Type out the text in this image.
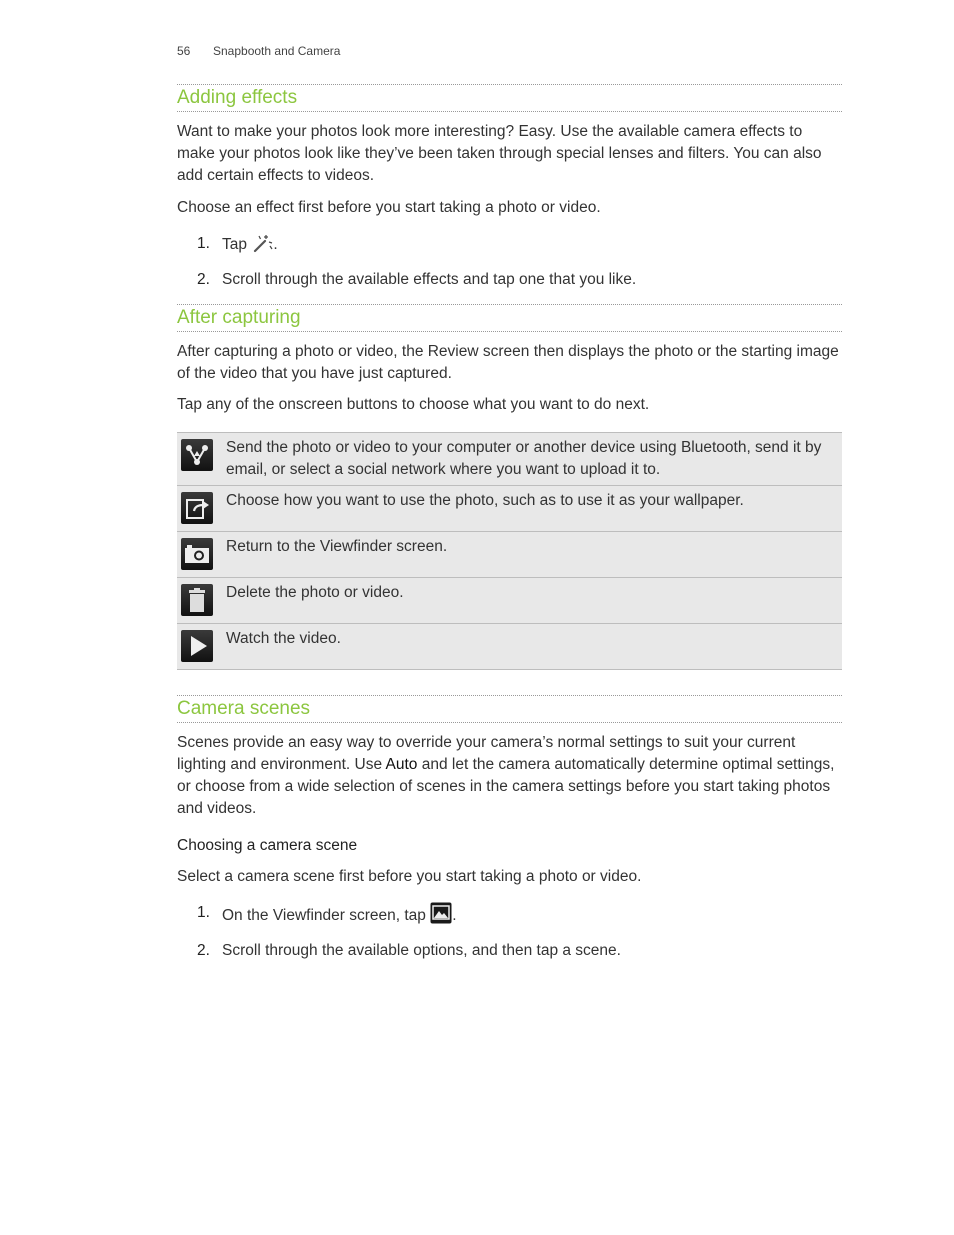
56 Snapbooth and Camera
Adding effects

Want to make your photos look more interesting? Easy. Use the available camera effects to make your photos look like they’ve been taken through special lenses and filters. You can also add certain effects to videos.

Choose an effect first before you start taking a photo or video.

1. Tap .
2. Scroll through the available effects and tap one that you like.
After capturing

After capturing a photo or video, the Review screen then displays the photo or the starting image of the video that you have just captured.

Tap any of the onscreen buttons to choose what you want to do next.

	Send the photo or video to your computer or another device using Bluetooth, send it by email, or select a social network where you want to upload it to.

	Choose how you want to use the photo, such as to use it as your wallpaper.

	Return to the Viewfinder screen.

	Delete the photo or video.

	Watch the video.
Camera scenes

Scenes provide an easy way to override your camera’s normal settings to suit your current lighting and environment. Use Auto and let the camera automatically determine optimal settings, or choose from a wide selection of scenes in the camera settings before you start taking photos and videos.

Choosing a camera scene

Select a camera scene first before you start taking a photo or video.

1. On the Viewfinder screen, tap .
2. Scroll through the available options, and then tap a scene.
